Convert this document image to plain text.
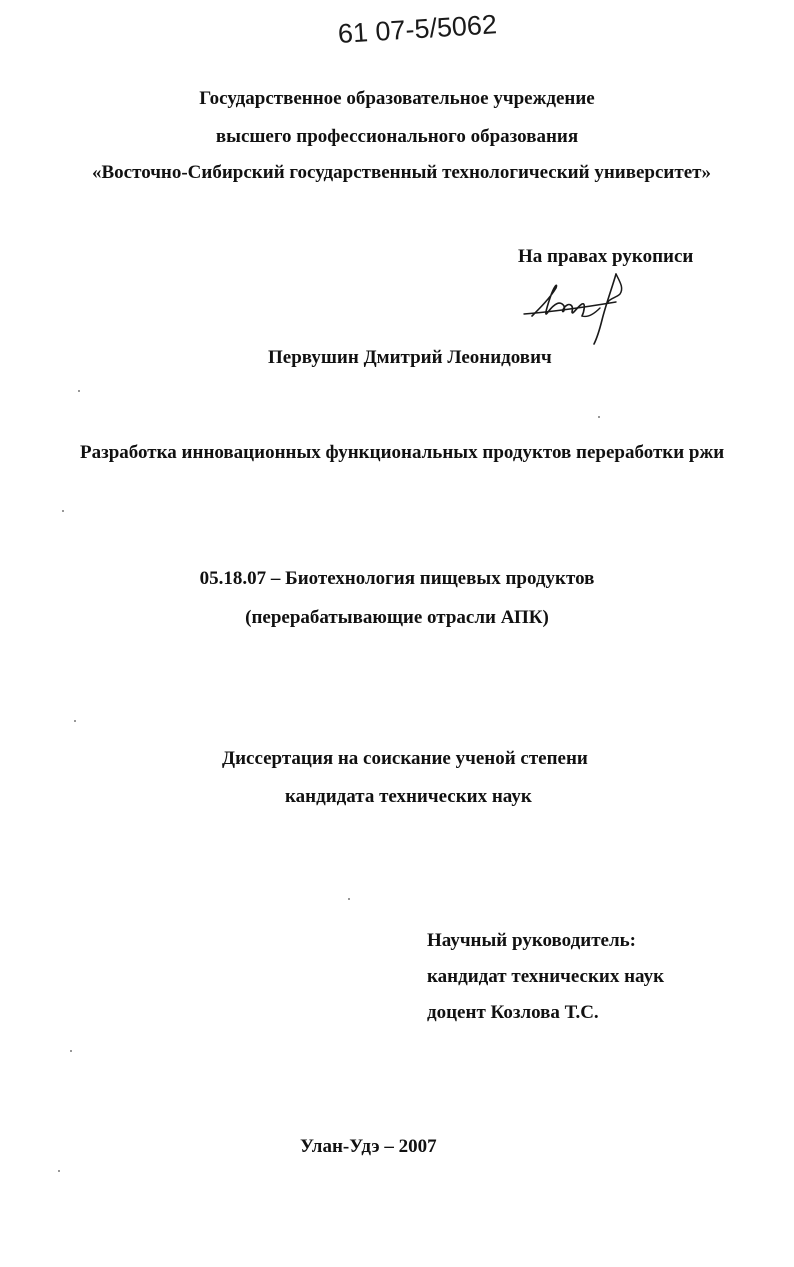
61 07-5/5062
Государственное образовательное учреждение
высшего профессионального образования
«Восточно-Сибирский государственный технологический университет»
На правах рукописи
Первушин Дмитрий Леонидович
Разработка инновационных функциональных продуктов переработки ржи
05.18.07 – Биотехнология пищевых продуктов
(перерабатывающие отрасли АПК)
Диссертация на соискание ученой степени
кандидата технических наук
Научный руководитель:
кандидат технических наук
доцент Козлова Т.С.
Улан-Удэ – 2007
